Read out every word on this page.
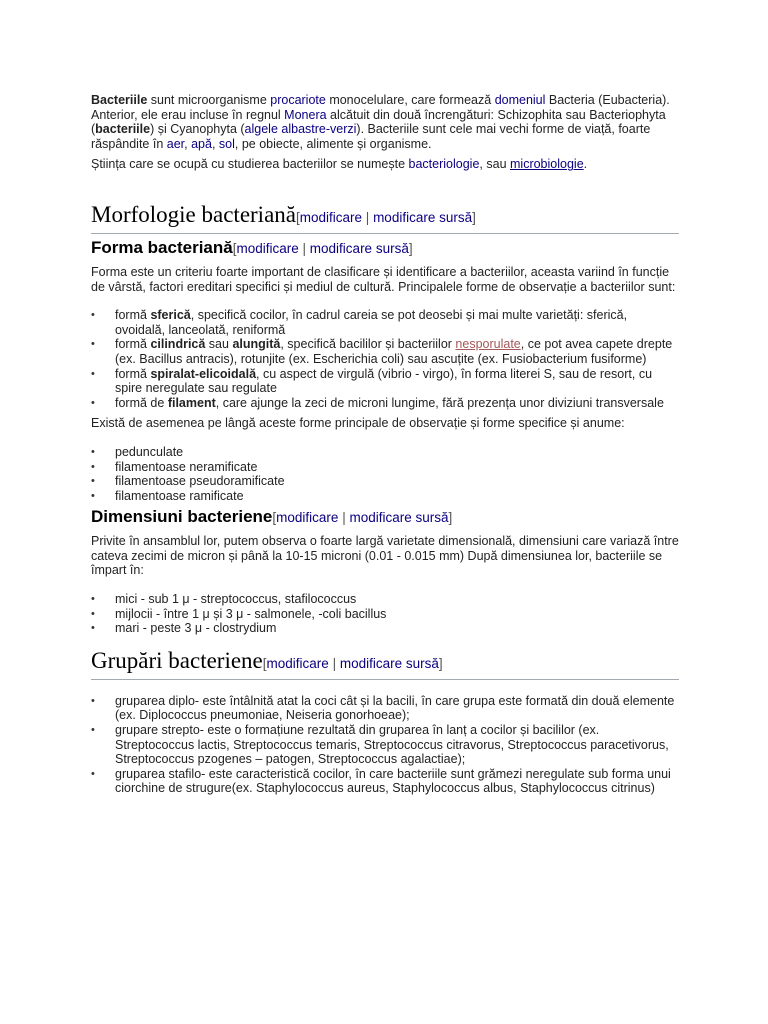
Bacteriile sunt microorganisme procariote monocelulare, care formează domeniul Bacteria (Eubacteria). Anterior, ele erau incluse în regnul Monera alcătuit din două încrengături: Schizophita sau Bacteriophyta (bacteriile) și Cyanophyta (algele albastre-verzi). Bacteriile sunt cele mai vechi forme de viață, foarte răspândite în aer, apă, sol, pe obiecte, alimente și organisme.

Știința care se ocupă cu studierea bacteriilor se numește bacteriologie, sau microbiologie.

Morfologie bacteriană[modificare | modificare sursă]
Forma bacteriană[modificare | modificare sursă]

Forma este un criteriu foarte important de clasificare și identificare a bacteriilor, aceasta variind în funcție de vârstă, factori ereditari specifici și mediul de cultură. Principalele forme de observație a bacteriilor sunt:

• formă sferică, specifică cocilor, în cadrul careia se pot deosebi și mai multe varietăți: sferică, ovoidală, lanceolată, reniformă
• formă cilindrică sau alungită, specifică bacililor și bacteriilor nesporulate, ce pot avea capete drepte (ex. Bacillus antracis), rotunjite (ex. Escherichia coli) sau ascuțite (ex. Fusiobacterium fusiforme)
• formă spiralat-elicoidală, cu aspect de virgulă (vibrio - virgo), în forma literei S, sau de resort, cu spire neregulate sau regulate
• formă de filament, care ajunge la zeci de microni lungime, fără prezența unor diviziuni transversale

Există de asemenea pe lângă aceste forme principale de observație și forme specifice și anume:

• pedunculate
• filamentoase neramificate
• filamentoase pseudoramificate
• filamentoase ramificate
Dimensiuni bacteriene[modificare | modificare sursă]

Privite în ansamblul lor, putem observa o foarte largă varietate dimensională, dimensiuni care variază între cateva zecimi de micron și până la 10-15 microni (0.01 - 0.015 mm) După dimensiunea lor, bacteriile se împart în:

• mici - sub 1 μ - streptococcus, stafilococcus
• mijlocii - între 1 μ și 3 μ - salmonele, -coli bacillus
• mari - peste 3 μ - clostrydium
Grupări bacteriene[modificare | modificare sursă]
• gruparea diplo- este întâlnită atat la coci cât și la bacili, în care grupa este formată din două elemente (ex. Diplococcus pneumoniae, Neiseria gonorhoeae);
• grupare strepto- este o formațiune rezultată din gruparea în lanț a cocilor și bacililor (ex. Streptococcus lactis, Streptococcus temaris, Streptococcus citravorus, Streptococcus paracetivorus, Streptococcus pzogenes – patogen, Streptococcus agalactiae);
• gruparea stafilo- este caracteristică cocilor, în care bacteriile sunt grămezi neregulate sub forma unui ciorchine de strugure(ex. Staphylococcus aureus, Staphylococcus albus, Staphylococcus citrinus)
